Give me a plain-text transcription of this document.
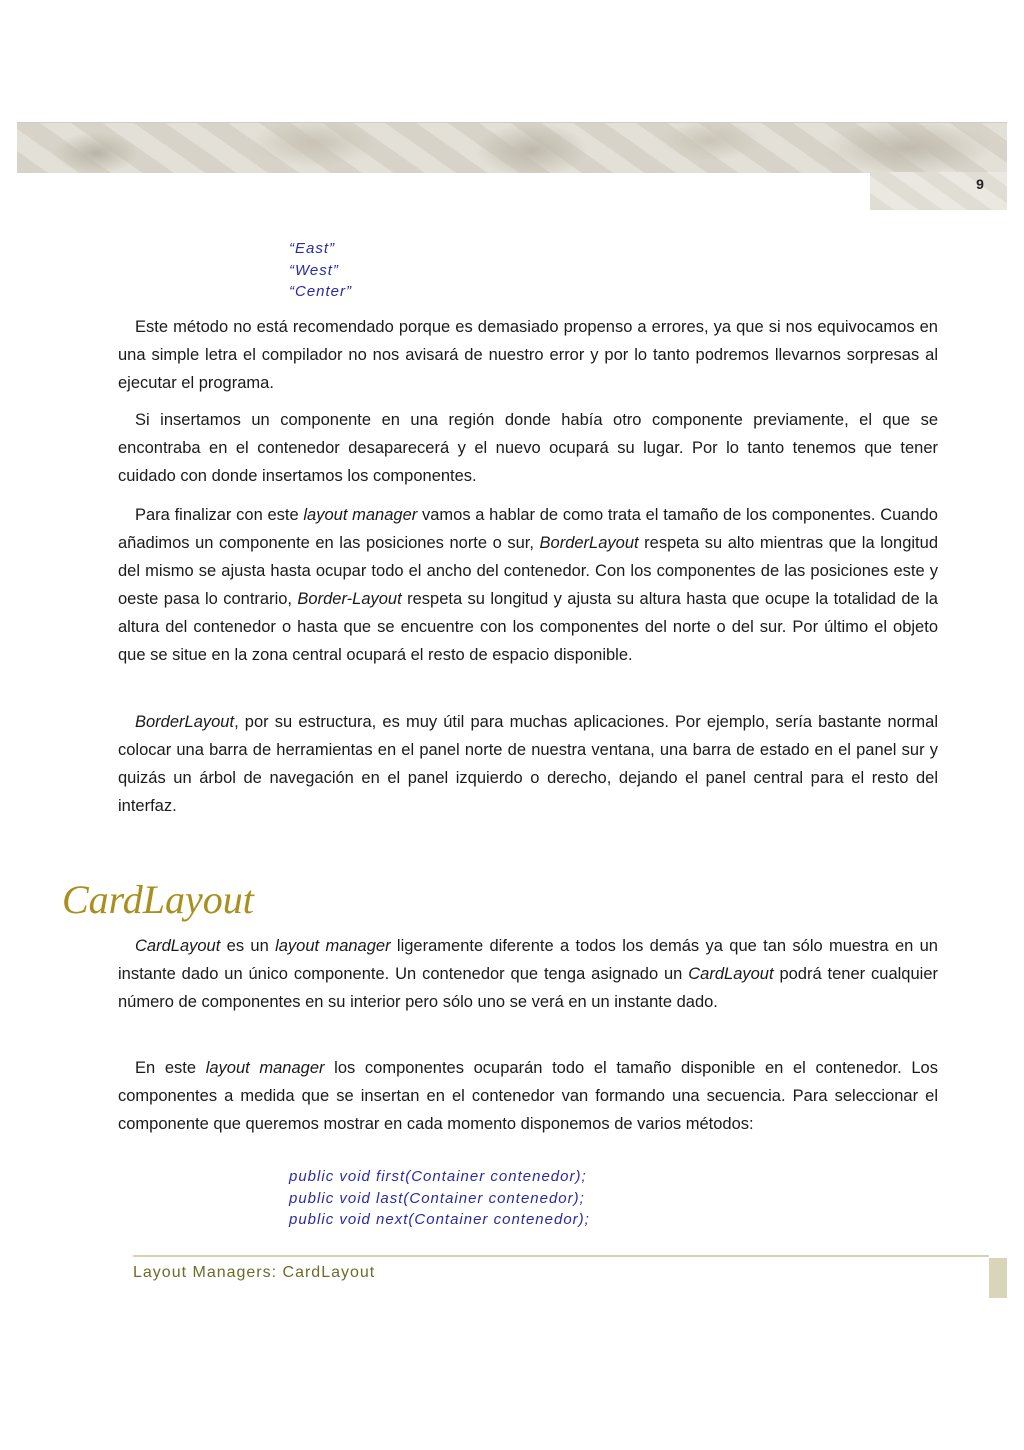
9
“East”
“West”
“Center”

Este método no está recomendado porque es demasiado propenso a errores, ya que si nos equivocamos en una simple letra el compilador no nos avisará de nuestro error y por lo tanto podremos llevarnos sorpresas al ejecutar el programa.

Si insertamos un componente en una región donde había otro componente previamente, el que se encontraba en el contenedor desaparecerá y el nuevo ocupará su lugar. Por lo tanto tenemos que tener cuidado con donde insertamos los componentes.

Para finalizar con este layout manager vamos a hablar de como trata el tamaño de los componentes. Cuando añadimos un componente en las posiciones norte o sur, BorderLayout respeta su alto mientras que la longitud del mismo se ajusta hasta ocupar todo el ancho del contenedor. Con los componentes de las posiciones este y oeste pasa lo contrario, Border-Layout respeta su longitud y ajusta su altura hasta que ocupe la totalidad de la altura del contenedor o hasta que se encuentre con los componentes del norte o del sur. Por último el objeto que se situe en la zona central ocupará el resto de espacio disponible.

BorderLayout, por su estructura, es muy útil para muchas aplicaciones. Por ejemplo, sería bastante normal colocar una barra de herramientas en el panel norte de nuestra ventana, una barra de estado en el panel sur y quizás un árbol de navegación en el panel izquierdo o derecho, dejando el panel central para el resto del interfaz.

CardLayout

CardLayout es un layout manager ligeramente diferente a todos los demás ya que tan sólo muestra en un instante dado un único componente. Un contenedor que tenga asignado un CardLayout podrá tener cualquier número de componentes en su interior pero sólo uno se verá en un instante dado.

En este layout manager los componentes ocuparán todo el tamaño disponible en el contenedor. Los componentes a medida que se insertan en el contenedor van formando una secuencia. Para seleccionar el componente que queremos mostrar en cada momento disponemos de varios métodos:

public void first(Container contenedor);
public void last(Container contenedor);
public void next(Container contenedor);

Layout Managers: CardLayout
